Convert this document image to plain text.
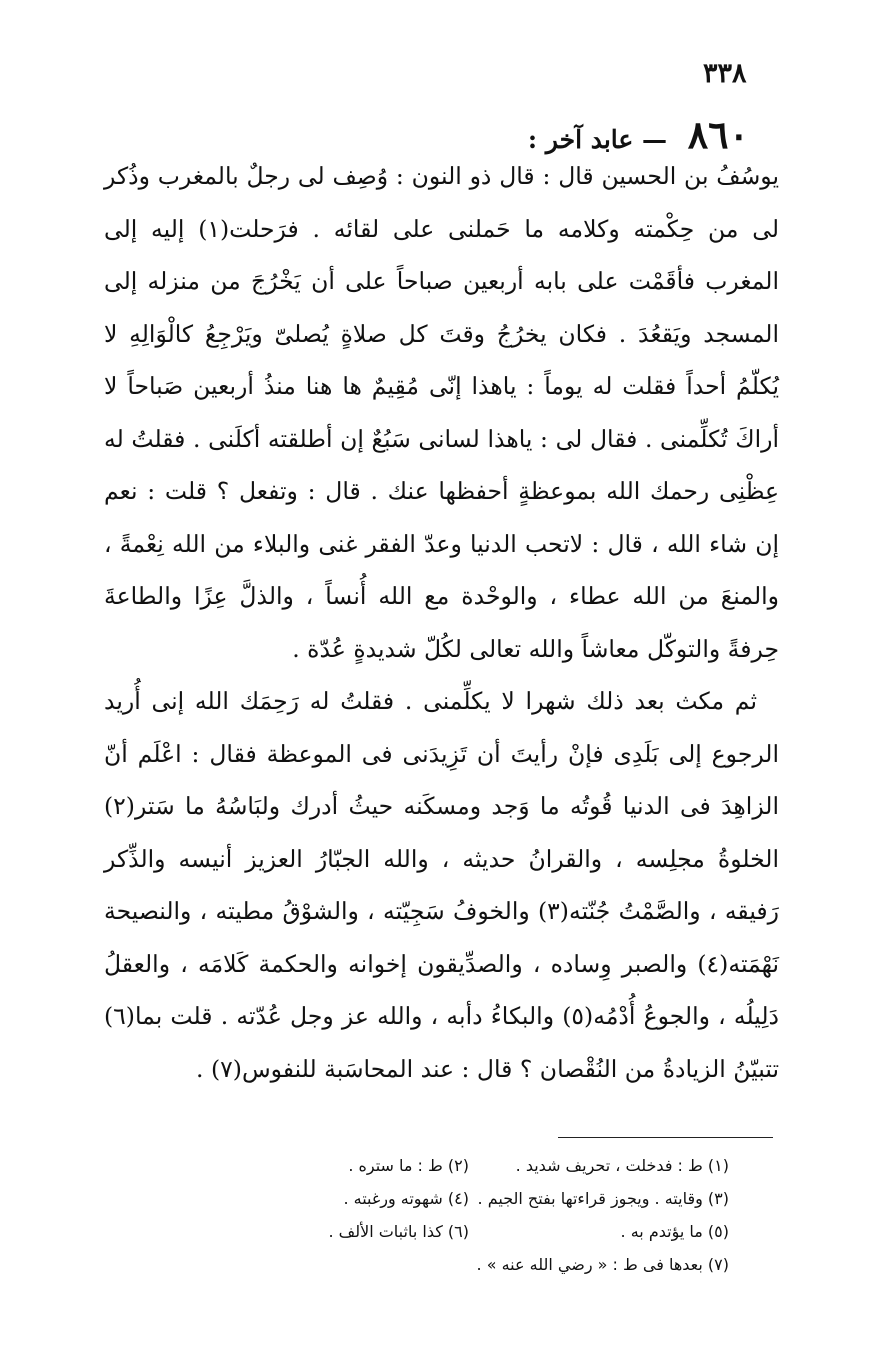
٣٣٨
٨٦٠ — عابد آخر :

يوسُفُ بن الحسين قال : قال ذو النون : وُصِف لى رجلٌ بالمغرب وذُكر لى من حِكْمته وكلامه ما حَملنى على لقائه . فرَحلت(١) إليه إلى المغرب فأقَمْت على بابه أربعين صباحاً على أن يَخْرُجَ من منزله إلى المسجد ويَقعُدَ . فكان يخرُجُ وقتَ كل صلاةٍ يُصلىّ ويَرْجِعُ كالْوَالِهِ لا يُكلّمُ أحداً فقلت له يوماً : ياهذا إنّى مُقِيمٌ ها هنا منذُ أربعين صَباحاً لا أراكَ تُكلِّمنى . فقال لى : ياهذا لسانى سَبُعٌ إن أطلقته أكلَنى . فقلتُ له عِظْنِى رحمك الله بموعظةٍ أحفظها عنك . قال : وتفعل ؟ قلت : نعم إن شاء الله ، قال : لاتحب الدنيا وعدّ الفقر غنى والبلاء من الله نِعْمةً ، والمنعَ من الله عطاء ، والوحْدة مع الله أُنساً ، والذلَّ عِزًا والطاعةَ حِرفةً والتوكّل معاشاً والله تعالى لكُلّ شديدةٍ عُدّة .

ثم مكث بعد ذلك شهرا لا يكلِّمنى . فقلتُ له رَحِمَك الله إنى أُريد الرجوع إلى بَلَدِى فإنْ رأيتَ أن تَزِيدَنى فى الموعظة فقال : اعْلَم أنّ الزاهِدَ فى الدنيا قُوتُه ما وَجد ومسكَنه حيثُ أدرك ولبَاسُهُ ما سَتر(٢) الخلوةُ مجلِسه ، والقرانُ حديثه ، والله الجبّارُ العزيز أنيسه والذِّكر رَفيقه ، والصَّمْتُ جُنّته(٣) والخوفُ سَجِيّته ، والشوْقُ مطيته ، والنصيحة نَهْمَته(٤) والصبر وِساده ، والصدِّيقون إخوانه والحكمة كَلامَه ، والعقلُ دَلِيلُه ، والجوعُ أُدْمُه(٥) والبكاءُ دأبه ، والله عز وجل عُدّته . قلت بما(٦) تتبيّنُ الزيادةُ من النُقْصان ؟ قال : عند المحاسَبة للنفوس(٧) .

(١) ط : فدخلت ، تحريف شديد .
(٢) ط : ما ستره .
(٣) وقايته . ويجوز قراءتها بفتح الجيم .
(٤) شهوته ورغبته .
(٥) ما يؤتدم به .
(٦) كذا باثبات الألف .
(٧) بعدها فى ط : « رضي الله عنه » .
